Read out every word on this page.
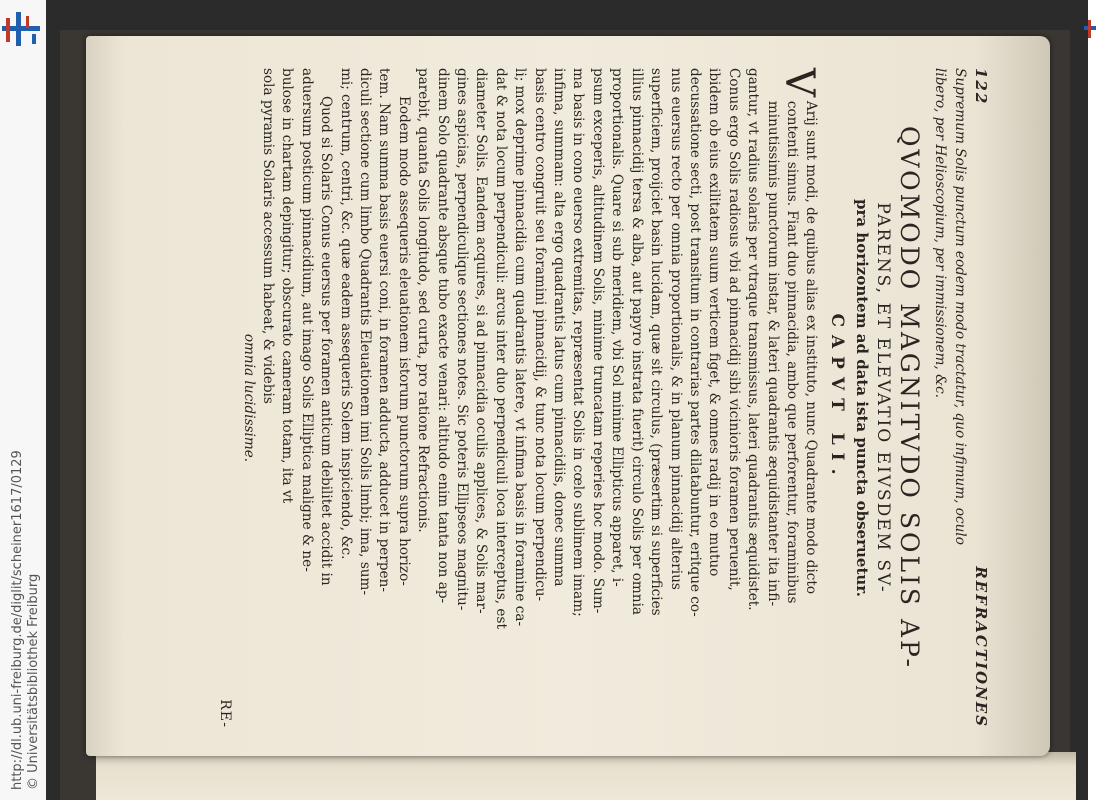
http://dl.ub.uni-freiburg.de/diglit/scheiner1617/0129 © Universitätsbibliothek Freiburg
122
REFRACTIONES
Supremum Solis punctum eodem modo tractatur, quo infimum, oculo
libero, per Helioscopium, per immissionem, &c.
QVOMODO MAGNITVDO SOLIS AP-
PARENS, ET ELEVATIO EIVSDEM SV-
pra horizontem ad data ista puncta obseruetur.
CAPVT LI.
V

Arij sunt modi, de quibus alias ex instituto, nunc Quadrante modo dicto

contenti simus. Fiant duo pinnacidia, ambo que perforentur, foraminibus

minutissimis punctorum instar, & lateri quadrantis æquidistanter ita infi-

gantur, vt radius solaris per vtraque transmissus, lateri quadrantis æquidistet.

Conus ergo Solis radiosus vbi ad pinnacidij sibi vicinioris foramen peruenit,

ibidem ob eius exilitatem suum verticem figet, & omnes radij in eo mutuo

decussatione secti, post transitum in contrarias partes dilatabuntur, eritque co-

nus euersus recto per omnia proportionalis, & in planum pinnacidij alterius

superficiem, proijciet basin lucidam, quæ sit circulus, (præsertim si superficies

illius pinnacidij tersa & alba, aut papyro instrata fuerit) circulo Solis per omnia

proportionalis. Quare si sub meridiem, vbi Sol minime Ellipticus apparet, i-

psum exceperis, altitudinem Solis, minime truncatam reperies hoc modo. Sum-

ma basis in cono euerso extremitas, repræsentat Solis in cœlo sublimem imam;

infima, summam: alta ergo quadrantis latus cum pinnacidiis, donec summa

basis centro congruit seu foramini pinnacidij, & tunc nota locum perpendicu-

li; mox deprime pinnacidia cum quadrantis latere, vt infima basis in foramine ca-

dat & nota locum perpendiculi: arcus inter duo perpendiculi loca interceptus, est

diameter Solis. Eandem acquires, si ad pinnacidia oculis applices, & Solis mar-

gines aspicias, perpendiculique sectiones notes. Sic poteris Ellipseos magnitu-

dinem Solo quadrante absque tubo exacte venari: altitudo enim tanta non ap-

parebit, quanta Solis longitudo, sed curta, pro ratione Refractionis.

Eodem modo assequeris eleuationem istorum punctorum supra horizo-

tem. Nam summa basis euersi coni, in foramen adducta, adducet in perpen-

diculi sectione cum limbo Quadrantis Eleuationem imi Solis limbi; ima, sum-

mi; centrum, centri, &c. quæ eadem assequeris Solem inspiciendo, &c.

Quod si Solaris Conus euersus per foramen anticum debilitet accidit in

aduersum posticum pinnacidium, aut imago Solis Elliptica maligne & ne-

bulose in chartam depingitur; obscurato cameram totam, ita vt

sola pyramis Solaris accessum habeat, & videbis

omnia lucidissime.
RE-
